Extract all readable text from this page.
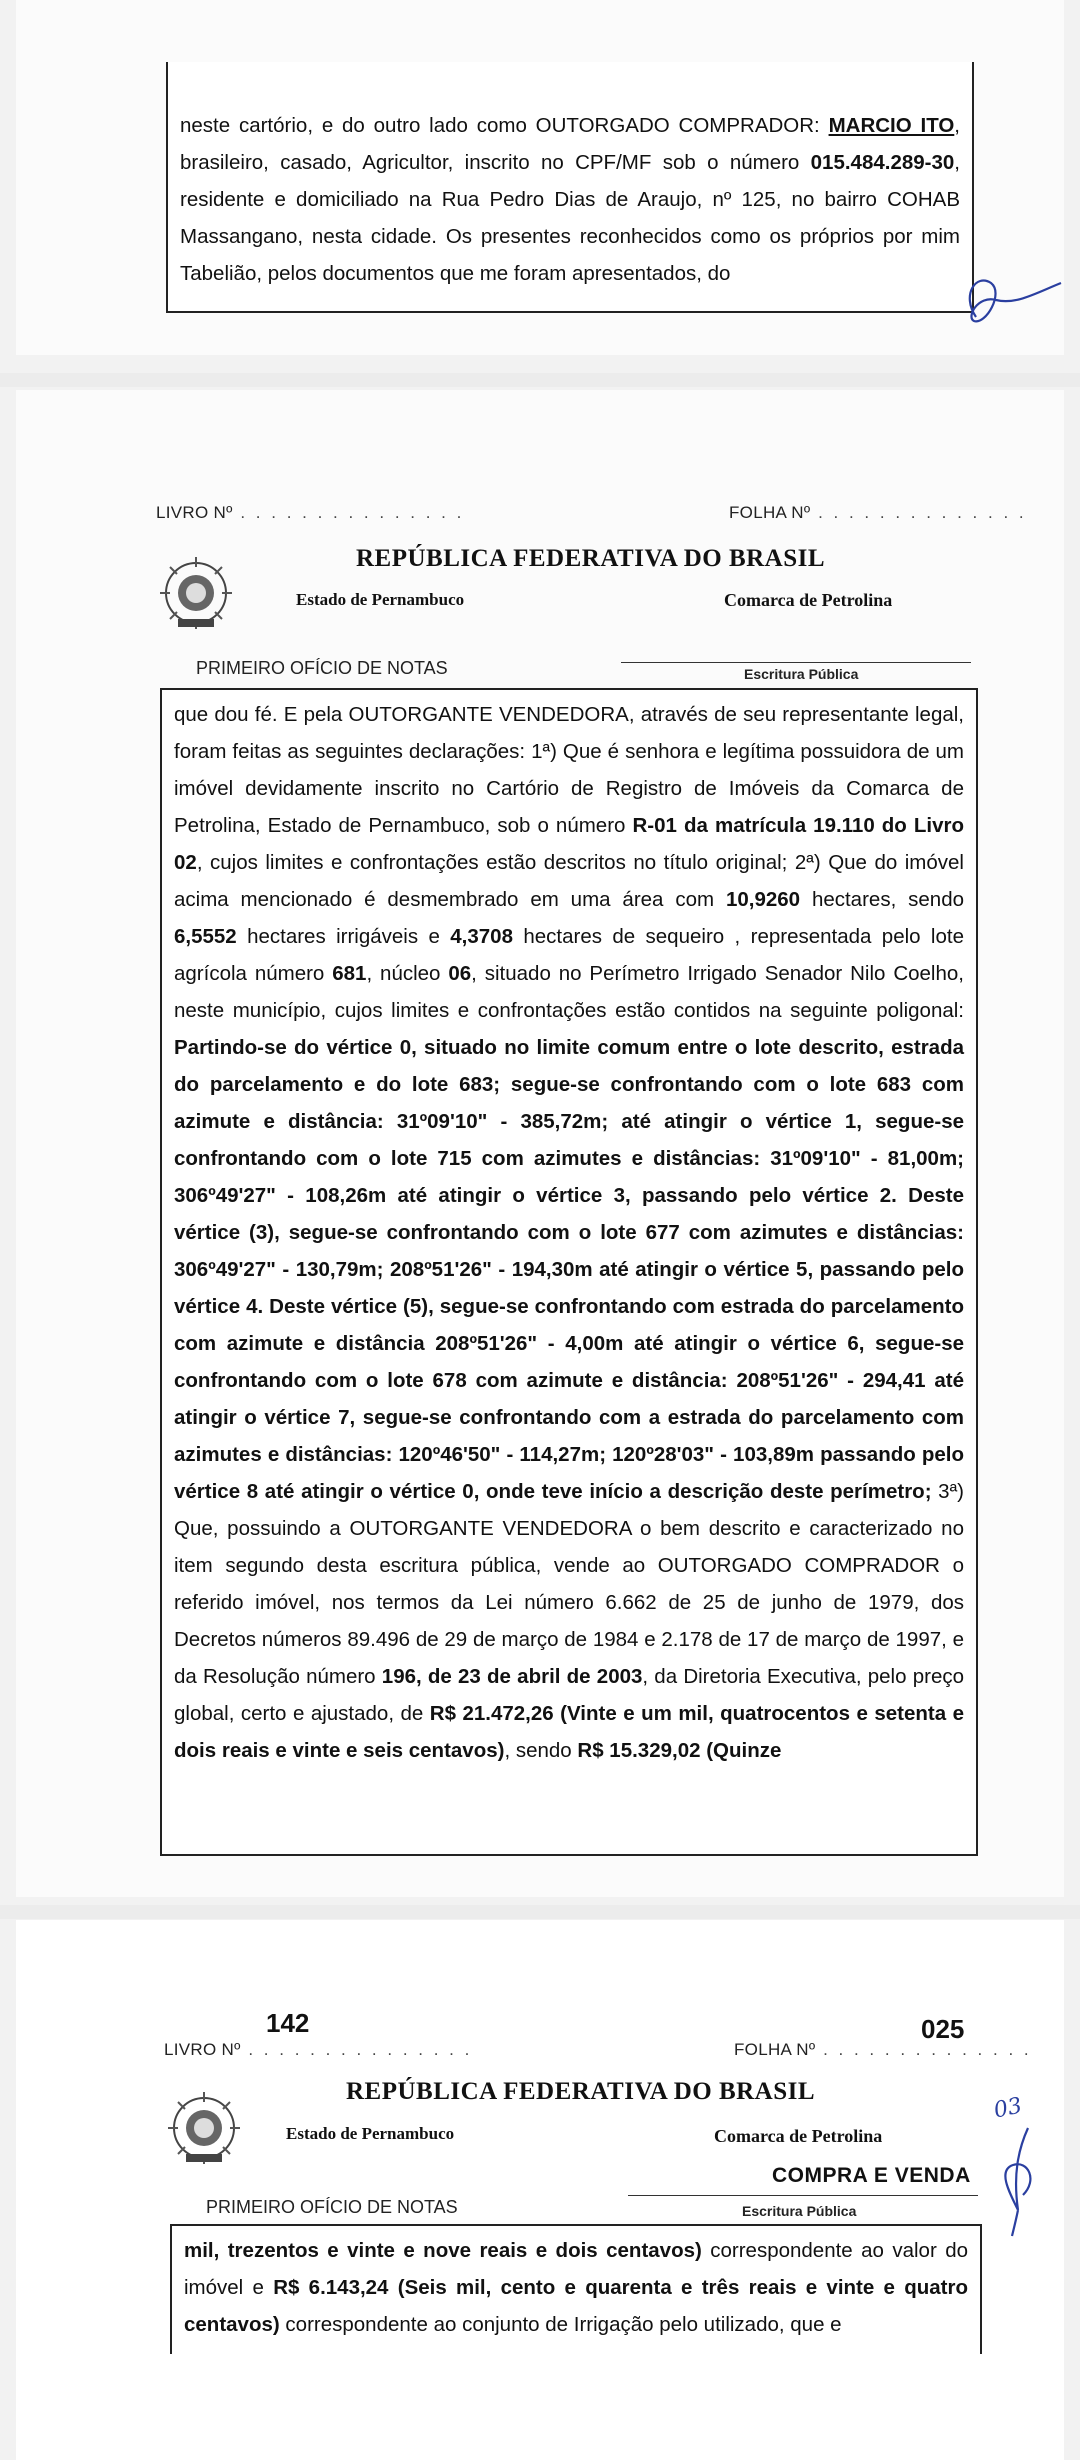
neste cartório, e do outro lado como OUTORGADO COMPRADOR: MARCIO ITO, brasileiro, casado, Agricultor, inscrito no CPF/MF sob o número 015.484.289-30, residente e domiciliado na Rua Pedro Dias de Araujo, nº 125, no bairro COHAB Massangano, nesta cidade. Os presentes reconhecidos como os próprios por mim Tabelião, pelos documentos que me foram apresentados, do

LIVRO Nº . . . . . . . . . . . . . . .	FOLHA Nº . . . . . . . . . . . . . .
REPÚBLICA FEDERATIVA DO BRASIL
Estado de Pernambuco	Comarca de Petrolina
PRIMEIRO OFÍCIO DE NOTAS	Escritura Pública

que dou fé. E pela OUTORGANTE VENDEDORA, através de seu representante legal, foram feitas as seguintes declarações: 1ª) Que é senhora e legítima possuidora de um imóvel devidamente inscrito no Cartório de Registro de Imóveis da Comarca de Petrolina, Estado de Pernambuco, sob o número R-01 da matrícula 19.110 do Livro 02, cujos limites e confrontações estão descritos no título original; 2ª) Que do imóvel acima mencionado é desmembrado em uma área com 10,9260 hectares, sendo 6,5552 hectares irrigáveis e 4,3708 hectares de sequeiro , representada pelo lote agrícola número 681, núcleo 06, situado no Perímetro Irrigado Senador Nilo Coelho, neste município, cujos limites e confrontações estão contidos na seguinte poligonal: Partindo-se do vértice 0, situado no limite comum entre o lote descrito, estrada do parcelamento e do lote 683; segue-se confrontando com o lote 683 com azimute e distância: 31º09'10" - 385,72m; até atingir o vértice 1, segue-se confrontando com o lote 715 com azimutes e distâncias: 31º09'10" - 81,00m; 306º49'27" - 108,26m até atingir o vértice 3, passando pelo vértice 2. Deste vértice (3), segue-se confrontando com o lote 677 com azimutes e distâncias: 306º49'27" - 130,79m; 208º51'26" - 194,30m até atingir o vértice 5, passando pelo vértice 4. Deste vértice (5), segue-se confrontando com estrada do parcelamento com azimute e distância 208º51'26" - 4,00m até atingir o vértice 6, segue-se confrontando com o lote 678 com azimute e distância: 208º51'26" - 294,41 até atingir o vértice 7, segue-se confrontando com a estrada do parcelamento com azimutes e distâncias: 120º46'50" - 114,27m; 120º28'03" - 103,89m passando pelo vértice 8 até atingir o vértice 0, onde teve início a descrição deste perímetro; 3ª) Que, possuindo a OUTORGANTE VENDEDORA o bem descrito e caracterizado no item segundo desta escritura pública, vende ao OUTORGADO COMPRADOR o referido imóvel, nos termos da Lei número 6.662 de 25 de junho de 1979, dos Decretos números 89.496 de 29 de março de 1984 e 2.178 de 17 de março de 1997, e da Resolução número 196, de 23 de abril de 2003, da Diretoria Executiva, pelo preço global, certo e ajustado, de R$ 21.472,26 (Vinte e um mil, quatrocentos e setenta e dois reais e vinte e seis centavos), sendo R$ 15.329,02 (Quinze

142	025
LIVRO Nº . . . . . . . . . . . . . . .	FOLHA Nº . . . . . . . . . . . . . .
REPÚBLICA FEDERATIVA DO BRASIL
Estado de Pernambuco	Comarca de Petrolina
COMPRA E VENDA
PRIMEIRO OFÍCIO DE NOTAS	Escritura Pública

mil, trezentos e vinte e nove reais e dois centavos) correspondente ao valor do imóvel e R$ 6.143,24 (Seis mil, cento e quarenta e três reais e vinte e quatro centavos) correspondente ao conjunto de Irrigação pelo utilizado, que e

03
